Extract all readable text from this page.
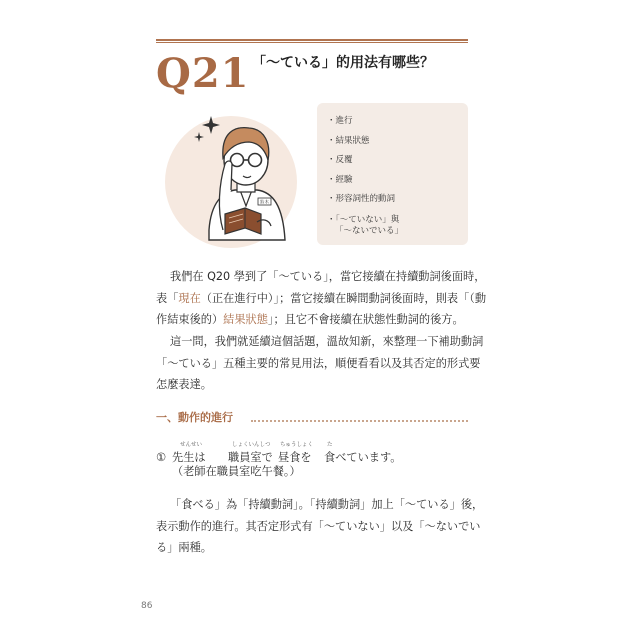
Q21 「～ている」的用法有哪些？
鈴木
・進行
・結果狀態
・反覆
・經驗
・形容詞性的動詞
・「～ていない」與
「～ないでいる」
我們在 Q20 學到了「～ている」，當它接續在持續動詞後面時，
表「現在（正在進行中）」；當它接續在瞬間動詞後面時，則表「（動
作結束後的）結果狀態」；且它不會接續在狀態性動詞的後方。
這一問，我們就延續這個話題，溫故知新，來整理一下補助動詞
「～ている」五種主要的常見用法，順便看看以及其否定的形式要
怎麼表達。
一、動作的進行
せんせい	しょくいんしつ ちゅうしょく	た
① 先生は 職員室で 昼食を 食べています。
（老師在職員室吃午餐。）
「食べる」為「持續動詞」。「持續動詞」加上「～ている」後，
表示動作的進行。其否定形式有「～ていない」以及「～ないでい
る」兩種。
86
